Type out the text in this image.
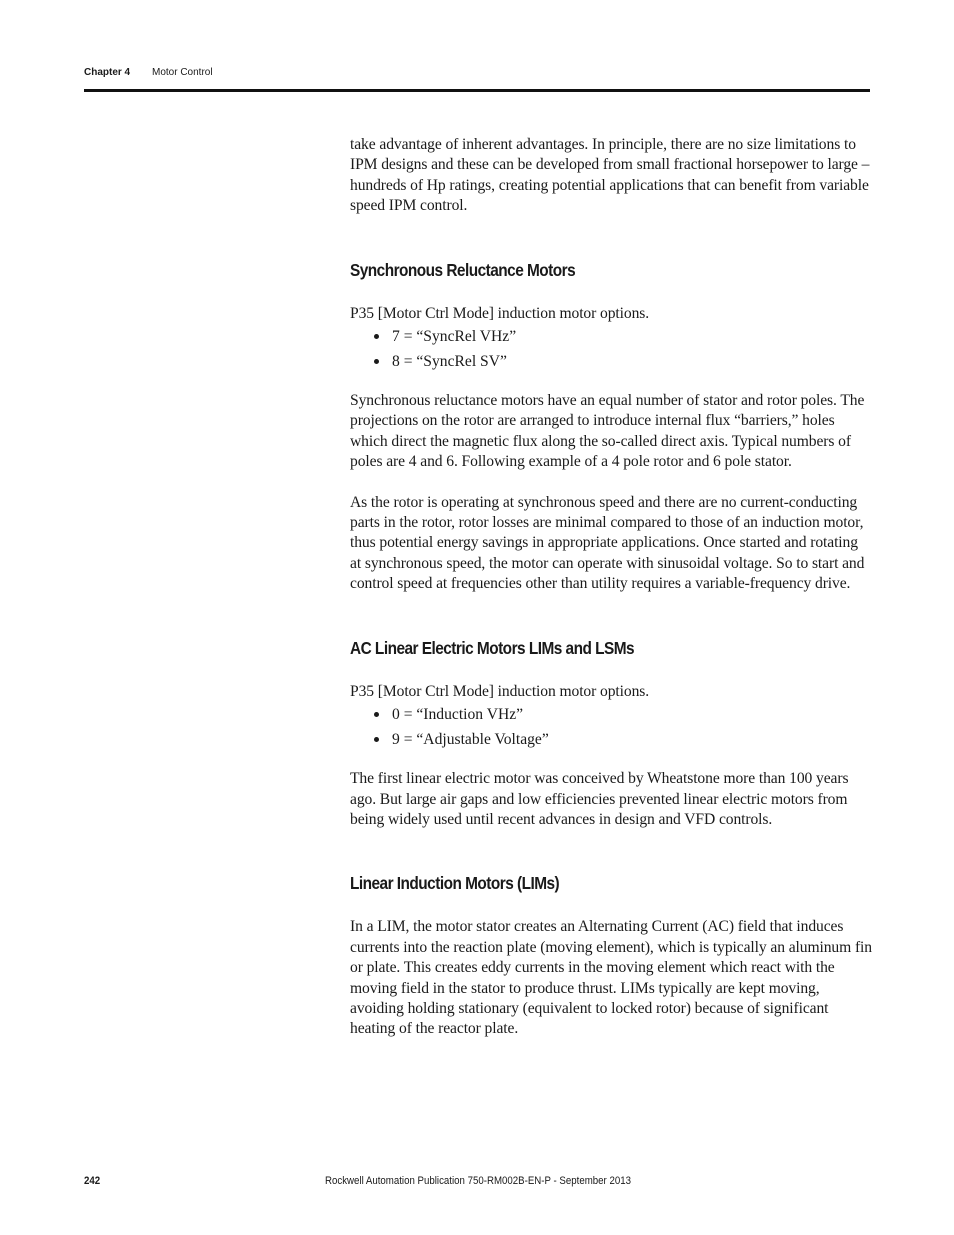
Chapter 4 Motor Control

take advantage of inherent advantages. In principle, there are no size limitations to IPM designs and these can be developed from small fractional horsepower to large – hundreds of Hp ratings, creating potential applications that can benefit from variable speed IPM control.

Synchronous Reluctance Motors

P35 [Motor Ctrl Mode] induction motor options.

7 = “SyncRel VHz”
8 = “SyncRel SV”

Synchronous reluctance motors have an equal number of stator and rotor poles. The projections on the rotor are arranged to introduce internal flux “barriers,” holes which direct the magnetic flux along the so-called direct axis. Typical numbers of poles are 4 and 6. Following example of a 4 pole rotor and 6 pole stator.

As the rotor is operating at synchronous speed and there are no current-conducting parts in the rotor, rotor losses are minimal compared to those of an induction motor, thus potential energy savings in appropriate applications. Once started and rotating at synchronous speed, the motor can operate with sinusoidal voltage. So to start and control speed at frequencies other than utility requires a variable-frequency drive.

AC Linear Electric Motors LIMs and LSMs

P35 [Motor Ctrl Mode] induction motor options.

0 = “Induction VHz”
9 = “Adjustable Voltage”

The first linear electric motor was conceived by Wheatstone more than 100 years ago. But large air gaps and low efficiencies prevented linear electric motors from being widely used until recent advances in design and VFD controls.

Linear Induction Motors (LIMs)

In a LIM, the motor stator creates an Alternating Current (AC) field that induces currents into the reaction plate (moving element), which is typically an aluminum fin or plate. This creates eddy currents in the moving element which react with the moving field in the stator to produce thrust. LIMs typically are kept moving, avoiding holding stationary (equivalent to locked rotor) because of significant heating of the reactor plate.

242	Rockwell Automation Publication 750-RM002B-EN-P - September 2013
